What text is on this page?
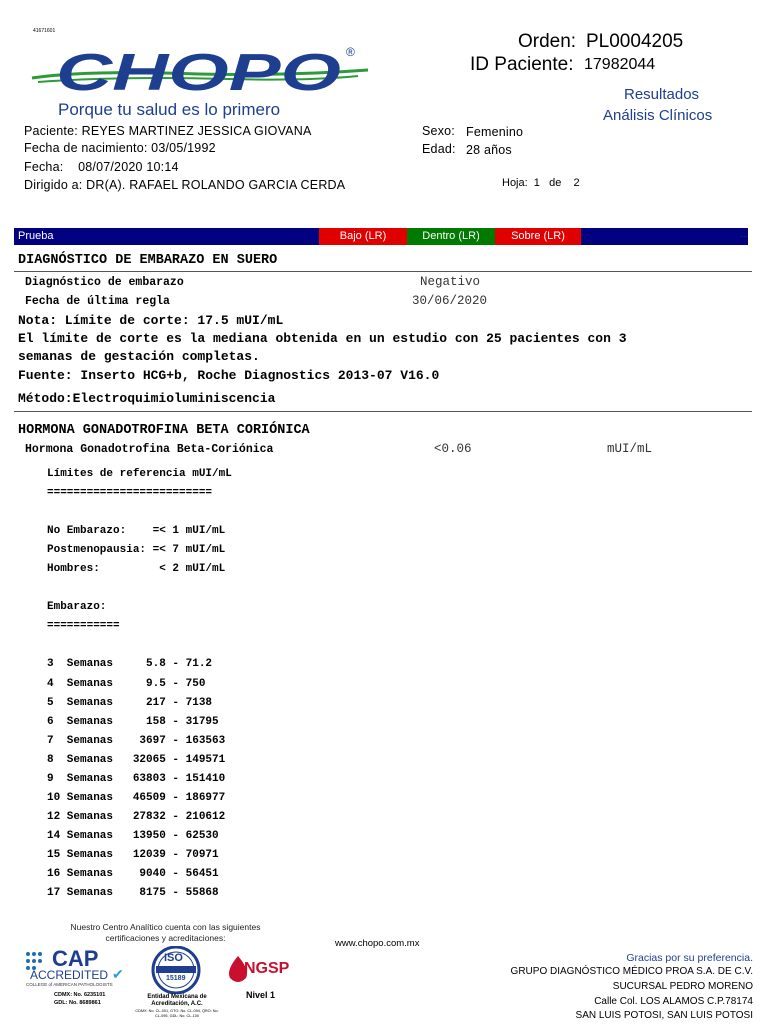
41671601
CHOPO ®
Porque tu salud es lo primero
Orden: PL0004205
ID Paciente: 17982044
Resultados
Análisis Clínicos
Paciente: REYES MARTINEZ JESSICA GIOVANA
Fecha de nacimiento: 03/05/1992
Fecha:    08/07/2020 10:14
Dirigido a: DR(A). RAFAEL ROLANDO GARCIA CERDA
Sexo: Femenino
Edad: 28 años
Hoja:  1   de    2
Prueba	Bajo (LR)	Dentro (LR)	Sobre (LR)	Límites de referencia	...
DIAGNÓSTICO DE EMBARAZO EN SUERO
Diagnóstico de embarazo	Negativo
Fecha de última regla	30/06/2020
Nota: Límite de corte: 17.5 mUI/mL
El límite de corte es la mediana obtenida en un estudio con 25 pacientes con 3
semanas de gestación completas.
Fuente: Inserto HCG+b, Roche Diagnostics 2013-07 V16.0
Método:Electroquimioluminiscencia
HORMONA GONADOTROFINA BETA CORIÓNICA
Hormona Gonadotrofina Beta-Coriónica	<0.06	mUI/mL
Límites de referencia mUI/mL
=========================

No Embarazo:    =< 1 mUI/mL
Postmenopausia: =< 7 mUI/mL
Hombres:         < 2 mUI/mL

Embarazo:
===========

3  Semanas     5.8 - 71.2
4  Semanas     9.5 - 750
5  Semanas     217 - 7138
6  Semanas     158 - 31795
7  Semanas    3697 - 163563
8  Semanas   32065 - 149571
9  Semanas   63803 - 151410
10 Semanas   46509 - 186977
12 Semanas   27832 - 210612
14 Semanas   13950 - 62530
15 Semanas   12039 - 70971
16 Semanas    9040 - 56451
17 Semanas    8175 - 55868
Nuestro Centro Analítico cuenta con las siguientes certificaciones y acreditaciones:

CAP

ACCREDITED

✔

COLLEGE of AMERICAN PATHOLOGISTS

CDMX: No. 6235101

GDL: No. 8689861

ISO

15189

Entidad Mexicana de Acreditación, A.C.

CDMX: No. CL-001, GTO: No. CL-094, QRO: No. CL-095, GDL: No. CL-100

NGSP

Nivel 1

www.chopo.com.mx
Gracias por su preferencia.
GRUPO DIAGNÓSTICO MÉDICO PROA S.A. DE C.V.
SUCURSAL PEDRO MORENO
Calle Col. LOS ALAMOS C.P.78174
SAN LUIS POTOSI, SAN LUIS POTOSI
